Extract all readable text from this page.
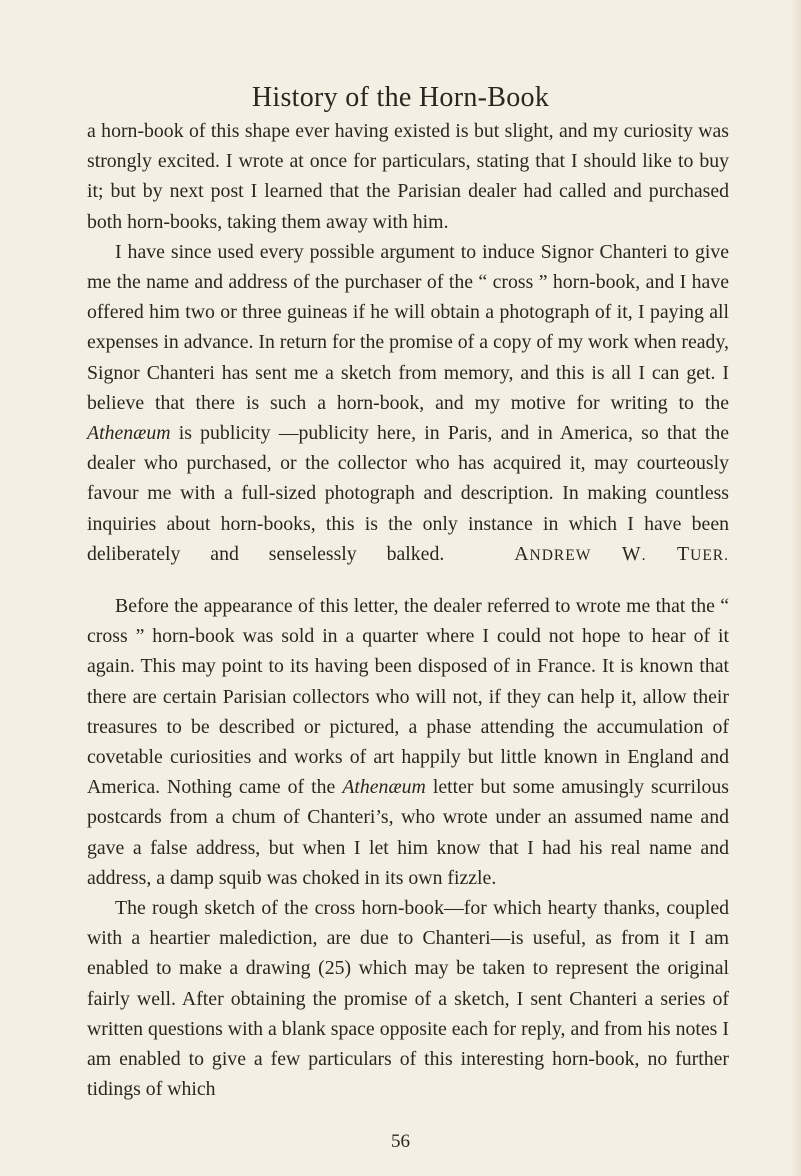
History of the Horn-Book

a horn-book of this shape ever having existed is but slight, and my curiosity was strongly excited. I wrote at once for particulars, stating that I should like to buy it; but by next post I learned that the Parisian dealer had called and purchased both horn-books, taking them away with him.

I have since used every possible argument to induce Signor Chanteri to give me the name and address of the purchaser of the “ cross ” horn-book, and I have offered him two or three guineas if he will obtain a photograph of it, I paying all expenses in advance. In return for the promise of a copy of my work when ready, Signor Chanteri has sent me a sketch from memory, and this is all I can get. I believe that there is such a horn-book, and my motive for writing to the Athenæum is publicity —publicity here, in Paris, and in America, so that the dealer who purchased, or the collector who has acquired it, may courteously favour me with a full-sized photograph and description. In making countless inquiries about horn-books, this is the only instance in which I have been deliberately and senselessly balked.	ANDREW W. TUER.

Before the appearance of this letter, the dealer referred to wrote me that the “ cross ” horn-book was sold in a quarter where I could not hope to hear of it again. This may point to its having been disposed of in France. It is known that there are certain Parisian collectors who will not, if they can help it, allow their treasures to be described or pictured, a phase attending the accumulation of covetable curiosities and works of art happily but little known in England and America. Nothing came of the Athenæum letter but some amusingly scurrilous postcards from a chum of Chanteri’s, who wrote under an assumed name and gave a false address, but when I let him know that I had his real name and address, a damp squib was choked in its own fizzle.

The rough sketch of the cross horn-book—for which hearty thanks, coupled with a heartier malediction, are due to Chanteri—is useful, as from it I am enabled to make a drawing (25) which may be taken to represent the original fairly well. After obtaining the promise of a sketch, I sent Chanteri a series of written questions with a blank space opposite each for reply, and from his notes I am enabled to give a few particulars of this interesting horn-book, no further tidings of which

56
